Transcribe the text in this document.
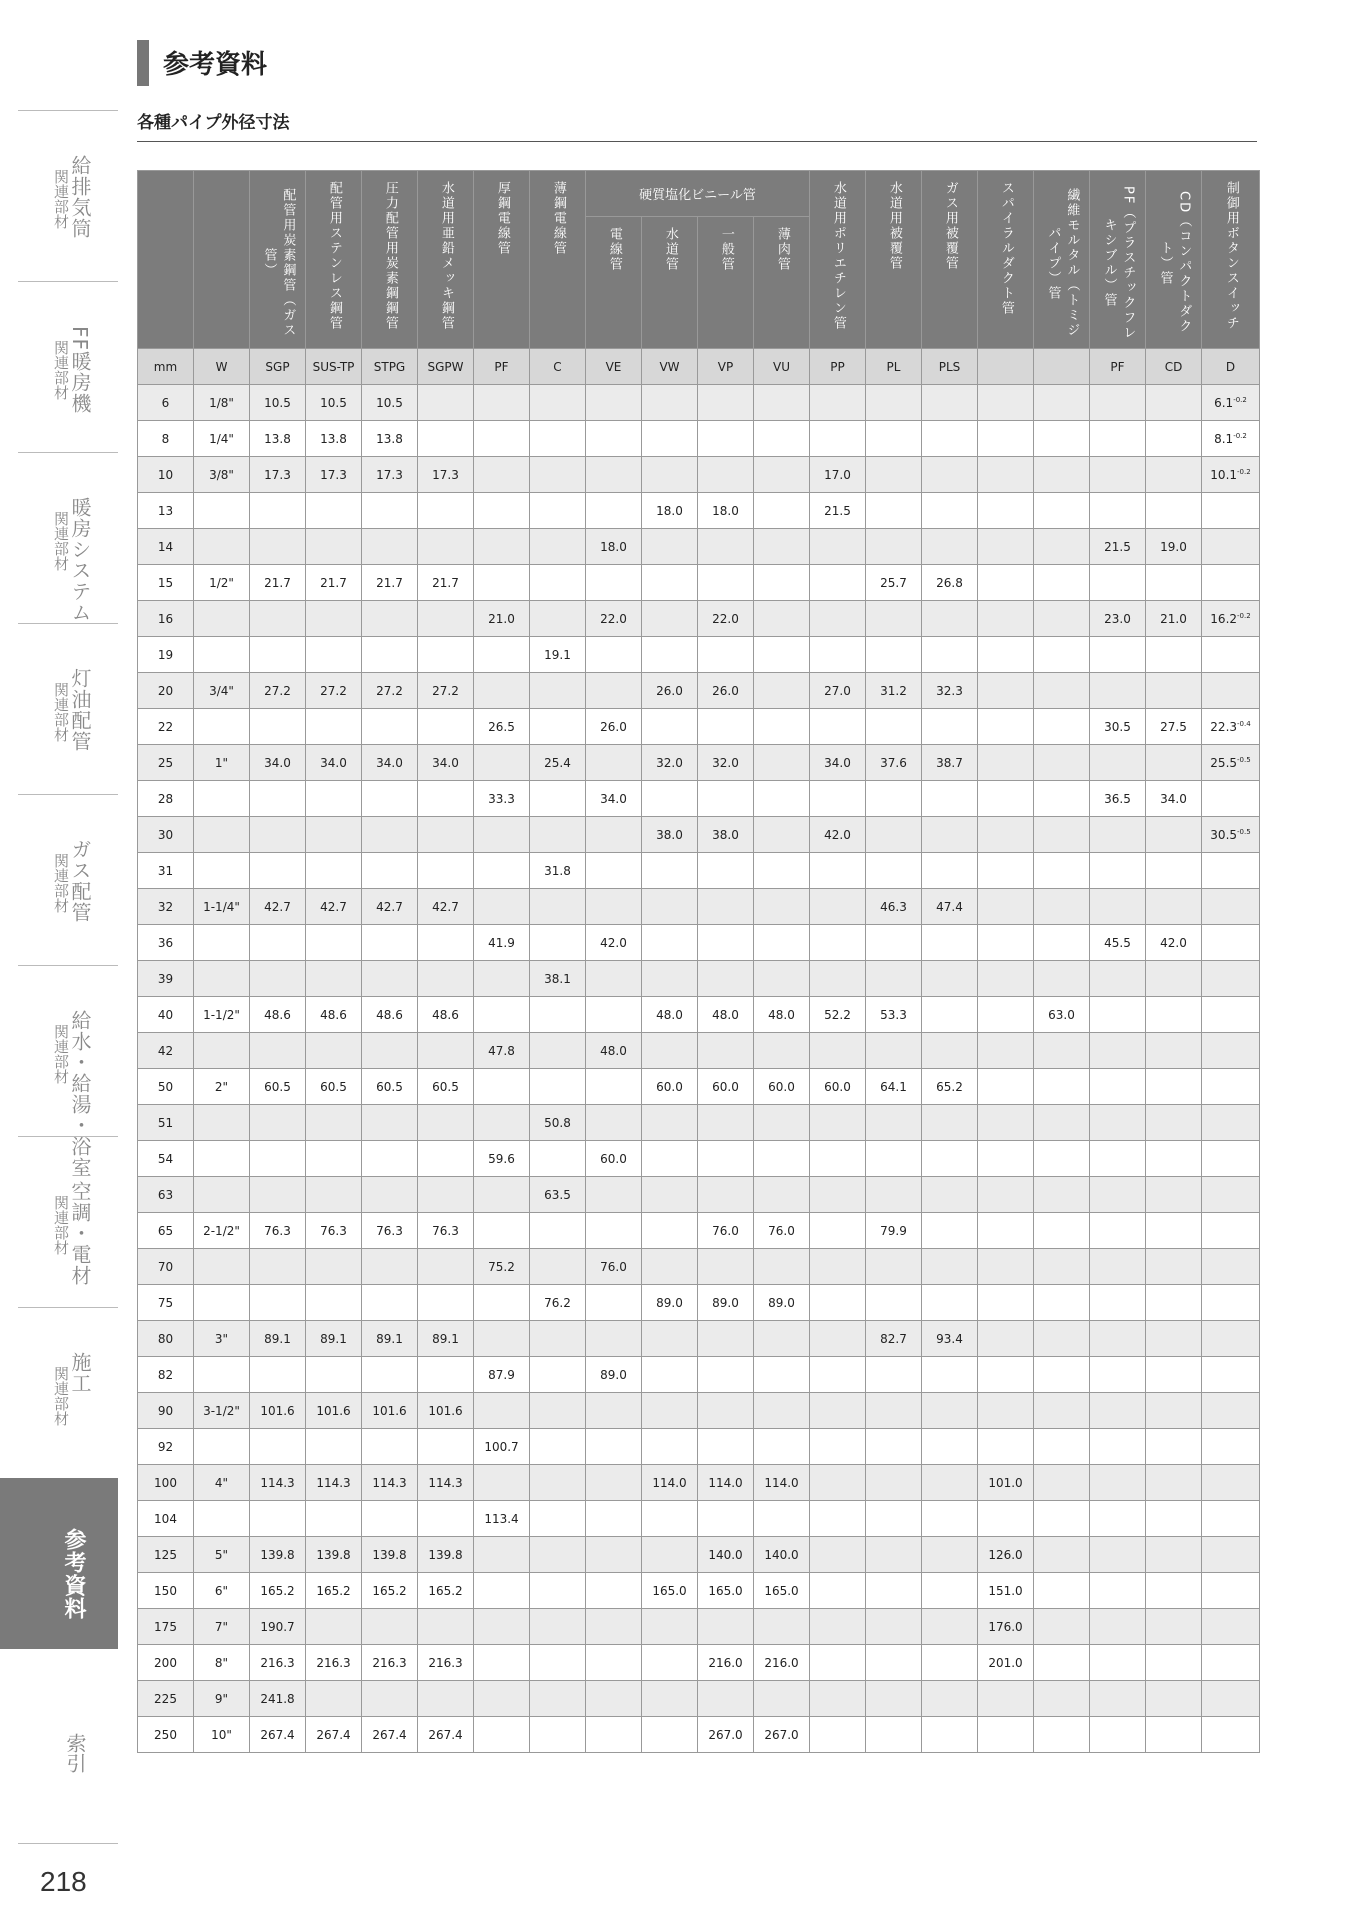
給排気筒
関連部材
FF暖房機
関連部材
暖房システム
関連部材
灯油配管
関連部材
ガス配管
関連部材
給水・給湯・浴室
関連部材
空調・電材
関連部材
施工
関連部材
参考資料
索引
218
参考資料
各種パイプ外径寸法
		配管用炭素鋼管（ガス管）	配管用ステンレス鋼管	圧力配管用炭素鋼鋼管	水道用亜鉛メッキ鋼管	厚鋼電線管	薄鋼電線管	硬質塩化ビニール管				水道用ポリエチレン管	水道用被覆管	ガス用被覆管	スパイラルダクト管	繊維モルタル（トミジパイプ）管	PF（プラスチックフレキシブル）管	CD（コンパクトダクト）管	制御用ボタンスイッチ
								電線管	水道管	一般管	薄肉管								
mm	W	SGP	SUS-TP	STPG	SGPW	PF	C	VE	VW	VP	VU	PP	PL	PLS			PF	CD	D
6	1/8"	10.5	10.5	10.5															6.1$^{-0.2}$
8	1/4"	13.8	13.8	13.8															8.1$^{-0.2}$
10	3/8"	17.3	17.3	17.3	17.3							17.0							10.1$^{-0.2}$
13									18.0	18.0		21.5							
14								18.0									21.5	19.0	
15	1/2"	21.7	21.7	21.7	21.7								25.7	26.8					
16						21.0		22.0		22.0							23.0	21.0	16.2$^{-0.2}$
19							19.1												
20	3/4"	27.2	27.2	27.2	27.2				26.0	26.0		27.0	31.2	32.3					
22						26.5		26.0									30.5	27.5	22.3$^{-0.4}$
25	1"	34.0	34.0	34.0	34.0		25.4		32.0	32.0		34.0	37.6	38.7					25.5$^{-0.5}$
28						33.3		34.0									36.5	34.0	
30									38.0	38.0		42.0							30.5$^{-0.5}$
31							31.8												
32	1-1/4"	42.7	42.7	42.7	42.7								46.3	47.4					
36						41.9		42.0									45.5	42.0	
39							38.1												
40	1-1/2"	48.6	48.6	48.6	48.6				48.0	48.0	48.0	52.2	53.3			63.0			
42						47.8		48.0											
50	2"	60.5	60.5	60.5	60.5				60.0	60.0	60.0	60.0	64.1	65.2					
51							50.8												
54						59.6		60.0											
63							63.5												
65	2-1/2"	76.3	76.3	76.3	76.3					76.0	76.0		79.9						
70						75.2		76.0											
75							76.2		89.0	89.0	89.0								
80	3"	89.1	89.1	89.1	89.1								82.7	93.4					
82						87.9		89.0											
90	3-1/2"	101.6	101.6	101.6	101.6														
92						100.7													
100	4"	114.3	114.3	114.3	114.3				114.0	114.0	114.0				101.0				
104						113.4													
125	5"	139.8	139.8	139.8	139.8					140.0	140.0				126.0				
150	6"	165.2	165.2	165.2	165.2				165.0	165.0	165.0				151.0				
175	7"	190.7													176.0				
200	8"	216.3	216.3	216.3	216.3					216.0	216.0				201.0				
225	9"	241.8																	
250	10"	267.4	267.4	267.4	267.4					267.0	267.0								
